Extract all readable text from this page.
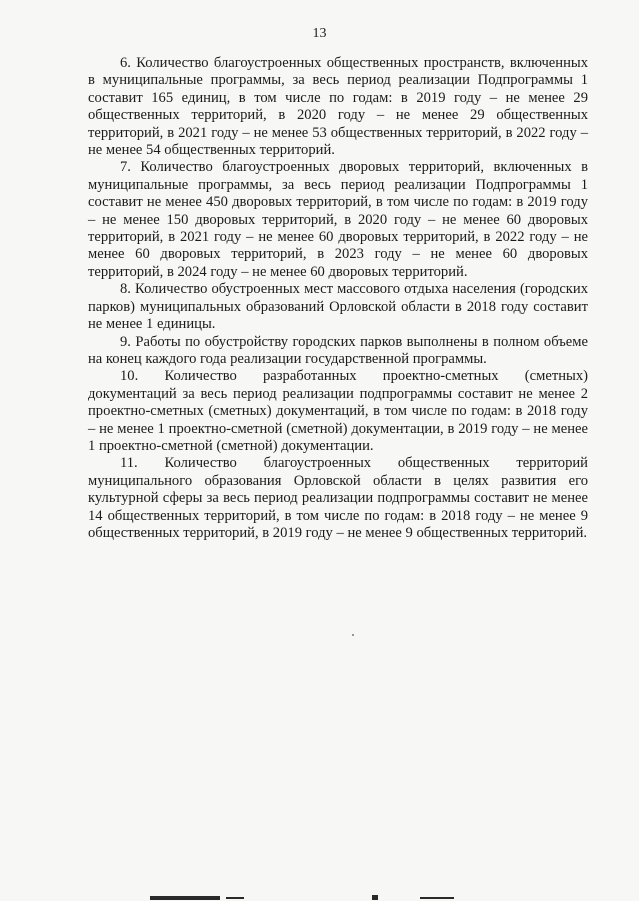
13

6. Количество благоустроенных общественных пространств, включенных в муниципальные программы, за весь период реализации Подпрограммы 1 составит 165 единиц, в том числе по годам: в 2019 году – не менее 29 общественных территорий, в 2020 году – не менее 29 общественных территорий, в 2021 году – не менее 53 общественных территорий, в 2022 году – не менее 54 общественных территорий.

7. Количество благоустроенных дворовых территорий, включенных в муниципальные программы, за весь период реализации Подпрограммы 1 составит не менее 450 дворовых территорий, в том числе по годам: в 2019 году – не менее 150 дворовых территорий, в 2020 году – не менее 60 дворовых территорий, в 2021 году – не менее 60 дворовых территорий, в 2022 году – не менее 60 дворовых территорий, в 2023 году – не менее 60 дворовых территорий, в 2024 году – не менее 60 дворовых территорий.

8. Количество обустроенных мест массового отдыха населения (городских парков) муниципальных образований Орловской области в 2018 году составит не менее 1 единицы.

9. Работы по обустройству городских парков выполнены в полном объеме на конец каждого года реализации государственной программы.

10. Количество разработанных проектно-сметных (сметных) документаций за весь период реализации подпрограммы составит не менее 2 проектно-сметных (сметных) документаций, в том числе по годам: в 2018 году – не менее 1 проектно-сметной (сметной) документации, в 2019 году – не менее 1 проектно-сметной (сметной) документации.

11. Количество благоустроенных общественных территорий муниципального образования Орловской области в целях развития его культурной сферы за весь период реализации подпрограммы составит не менее 14 общественных территорий, в том числе по годам: в 2018 году – не менее 9 общественных территорий, в 2019 году – не менее 9 общественных территорий.
